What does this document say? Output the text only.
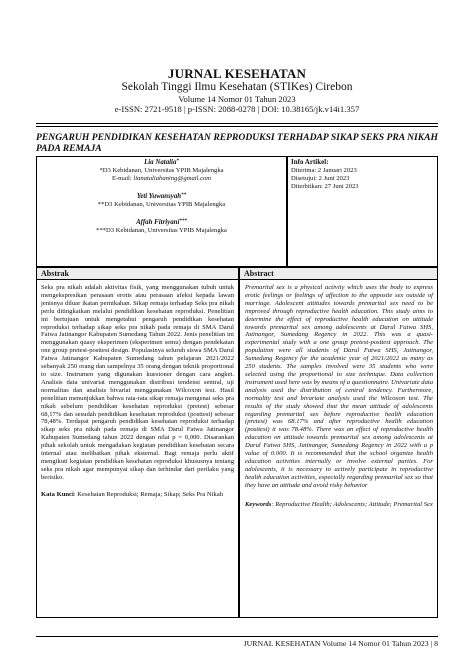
JURNAL KESEHATAN
Sekolah Tinggi Ilmu Kesehatan (STIKes) Cirebon
Volume 14 Nomor 01 Tahun 2023
e-ISSN: 2721-9518 | p-ISSN: 2088-0278 | DOI: 10.38165/jk.v14i1.357
PENGARUH PENDIDIKAN KESEHATAN REPRODUKSI TERHADAP SIKAP SEKS PRA NIKAH PADA REMAJA
Lia Natalia*
*D3 Kebidanan, Universitas YPIB Majalengka
E-mail: lianataliahaning@gmail.com
Yeti Yuwansyah**
**D3 Kebidanan, Universitas YPIB Majalengka
Affah Fitriyani***
***D3 Kebidanan, Universitas YPIB Majalengka
Info Artikel:
Diterima: 2 Januari 2023
Disetujui: 2 Juni 2023
Diterbitkan: 27 Juni 2023
Abstrak	Abstract

Seks pra nikah adalah aktivitas fisik, yang menggunakan tubuh untuk mengekspresikan perasaan erotis atau perasaan afeksi kepada lawan jenisnya diluar ikatan pernikahan. Sikap remaja terhadap Seks pra nikah perlu ditingkatkan melalui pendidikan kesehatan reproduksi. Penelitian ini bertujuan untuk mengetahui pengaruh pendidikan kesehatan reproduksi terhadap sikap seks pra nikah pada remaja di SMA Darul Fatwa Jatinangor Kabupaten Sumedang Tahun 2022. Jenis penelitian ini menggunakan quasy eksperimen (eksperimen semu) dengan pendekatan one group pretest-posttest design. Populasinya seluruh siswa SMA Darul Fatwa Jatinangor Kabupaten Sumedang tahun pelajaran 2021/2022 sebanyak 250 orang dan sampelnya 35 orang dengan teknik proportional to size. Instrumen yang digunakan kuesioner dengan cara angket. Analisis data univariat menggunakan distribusi tendensi sentral, uji normalitas dan analisis bivariat menggunakan Wilcoxon test. Hasil penelitian menunjukkan bahwa rata-rata sikap remaja mengenai seks pra nikah sebelum pendidikan kesehatan reproduksi (pretest) sebesar 68,17% dan sesudah pendidikan kesehatan reproduksi (posttest) sebesar 78,48%. Terdapat pengaruh pendidikan kesehatan reproduksi terhadap sikap seks pra nikah pada remaja di SMA Darul Fatwa Jatinangor Kabupaten Sumedang tahun 2022 dengan nilai p = 0,000. Disarankan pihak sekolah untuk mengadakan kegiatan pendidikan kesehatan secara internal atau melibatkan pihak eksternal. Bagi remaja perlu aktif mengikuti kegiatan pendidikan kesehatan reproduksi khususnya tentang seks pra nikah agar mempunyai sikap dan terhindar dari perilaku yang berisiko.

Kata Kunci: Kesehatan Reproduksi; Remaja; Sikap; Seks Pra Nikah

Premarital sex is a physical activity which uses the body to express erotic feelings or feelings of affection to the opposite sex outside of marriage. Adolescent attitudes towards premarital sex need to be improved through reproductive health education. This study aims to determine the effect of reproductive health education on attitude towards premarital sex among adolescents at Darul Fatwa SHS, Jatinangor, Sumedang Regency in 2022. This was a quasi-experimental study with a one group pretest-posttest approach. The population were all students of Darul Fatwa SHS, Jatinangor, Sumedang Regency for the academic year of 2021/2022 as many as 250 students. The samples involved were 35 students who were selected using the proportional to size technique. Data collection instrument used here was by means of a questionnaire. Univariate data analysis used the distribution of central tendency. Furthermore, normality test and bivariate analysis used the Wilcoxon test. The results of the study showed that the mean attitude of adolescents regarding premarital sex before reproductive health education (pretest) was 68.17% and after reproductive health education (posttest) it was 78.48%. There was an effect of reproductive health education on attitude towards premarital sex among adolescents at Darul Fatwa SHS, Jatinangor, Sumedang Regency in 2022 with a p value of 0.000. It is recommended that the school organize health education activities internally or involve external parties. For adolescents, it is necessary to actively participate in reproductive health education activities, especially regarding premarital sex so that they have an attitude and avoid risky behavior

Keywords: Reproductive Health; Adolescents; Attitude; Premarital Sex
JURNAL KESEHATAN Volume 14 Nomor 01 Tahun 2023 | 8
